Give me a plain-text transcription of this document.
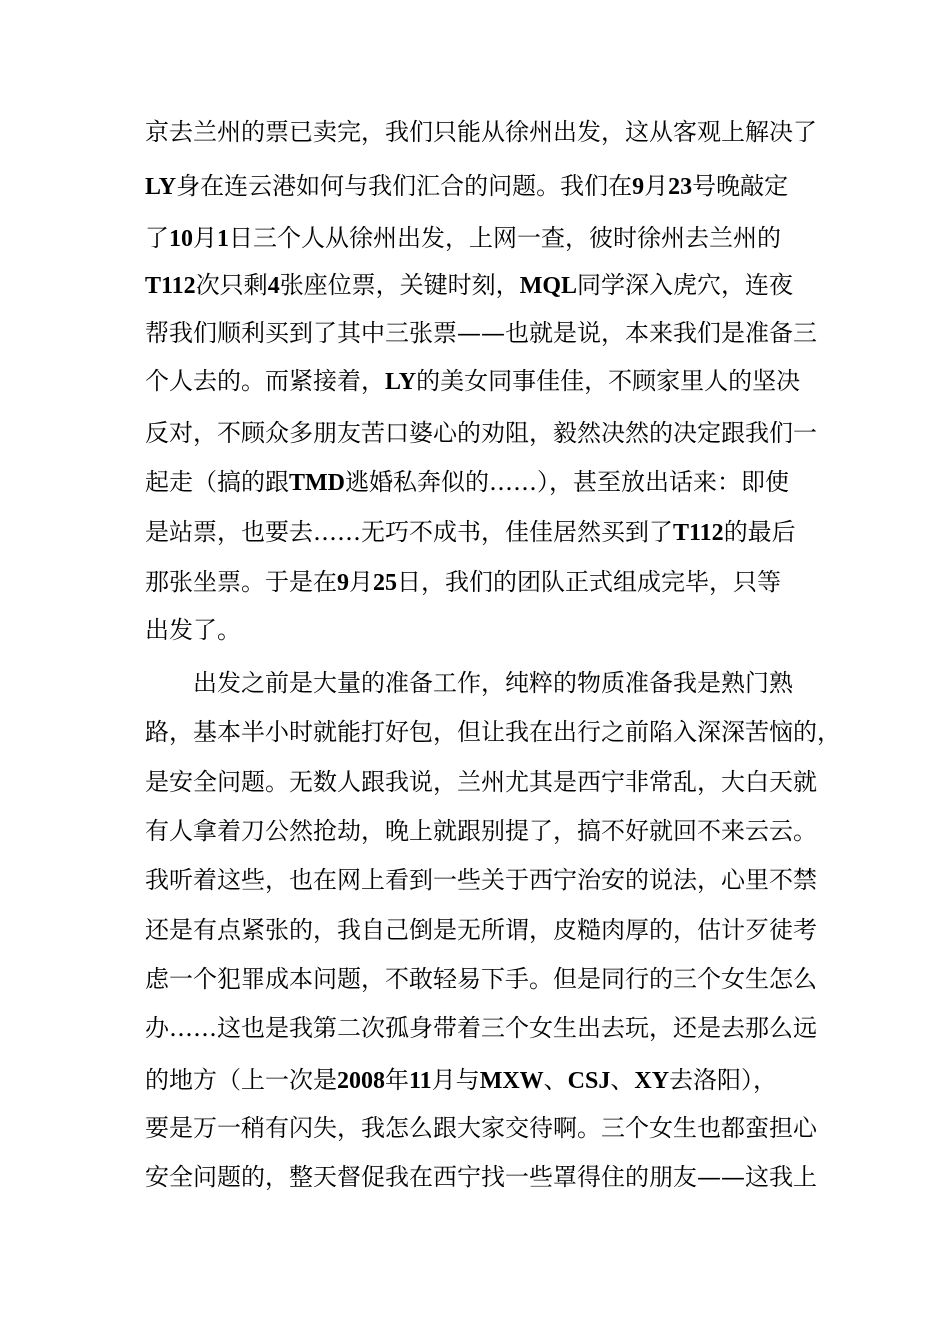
京去兰州的票已卖完，我们只能从徐州出发，这从客观上解决了
LY身在连云港如何与我们汇合的问题。我们在9月23号晚敲定
了10月1日三个人从徐州出发，上网一查，彼时徐州去兰州的
T112次只剩4张座位票，关键时刻，MQL同学深入虎穴，连夜
帮我们顺利买到了其中三张票——也就是说，本来我们是准备三
个人去的。而紧接着，LY的美女同事佳佳，不顾家里人的坚决
反对，不顾众多朋友苦口婆心的劝阻，毅然决然的决定跟我们一
起走（搞的跟TMD逃婚私奔似的……），甚至放出话来：即使
是站票，也要去……无巧不成书，佳佳居然买到了T112的最后
那张坐票。于是在9月25日，我们的团队正式组成完毕，只等
出发了。
出发之前是大量的准备工作，纯粹的物质准备我是熟门熟
路，基本半小时就能打好包，但让我在出行之前陷入深深苦恼的，
是安全问题。无数人跟我说，兰州尤其是西宁非常乱，大白天就
有人拿着刀公然抢劫，晚上就跟别提了，搞不好就回不来云云。
我听着这些，也在网上看到一些关于西宁治安的说法，心里不禁
还是有点紧张的，我自己倒是无所谓，皮糙肉厚的，估计歹徒考
虑一个犯罪成本问题，不敢轻易下手。但是同行的三个女生怎么
办……这也是我第二次孤身带着三个女生出去玩，还是去那么远
的地方（上一次是2008年11月与MXW、CSJ、XY去洛阳），
要是万一稍有闪失，我怎么跟大家交待啊。三个女生也都蛮担心
安全问题的，整天督促我在西宁找一些罩得住的朋友——这我上
